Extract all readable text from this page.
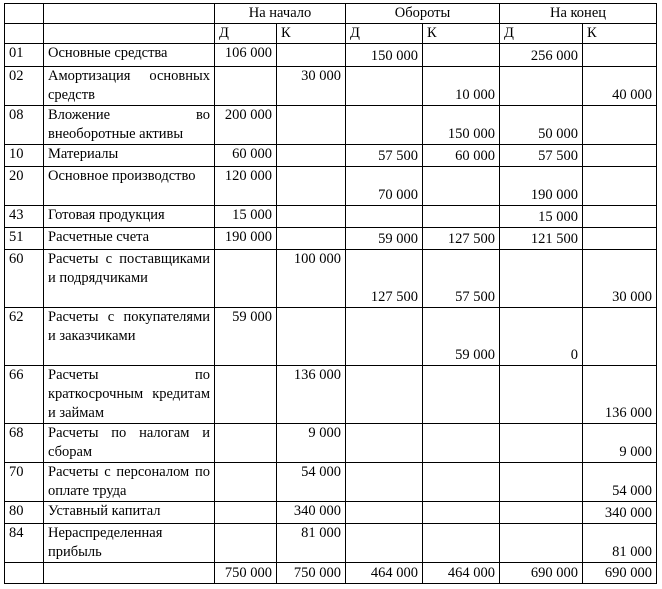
		На начало		Обороты		На конец	
		Д	К	Д	К	Д	К
01	Основные средства	106 000		150 000		256 000	
02	Амортизация основных средств		30 000		10 000		40 000
08	Вложение во внеоборотные активы	200 000			150 000	50 000	
10	Материалы	60 000		57 500	60 000	57 500	
20	Основное производство	120 000		70 000		190 000	
43	Готовая продукция	15 000				15 000	
51	Расчетные счета	190 000		59 000	127 500	121 500	
60	Расчеты с поставщиками и подрядчиками		100 000	127 500	57 500		30 000
62	Расчеты с покупателями и заказчиками	59 000			59 000	0	
66	Расчеты по краткосрочным кредитам и займам		136 000				136 000
68	Расчеты по налогам и сборам		9 000				9 000
70	Расчеты с персоналом по оплате труда		54 000				54 000
80	Уставный капитал		340 000				340 000
84	Нераспределенная прибыль		81 000				81 000
		750 000	750 000	464 000	464 000	690 000	690 000
